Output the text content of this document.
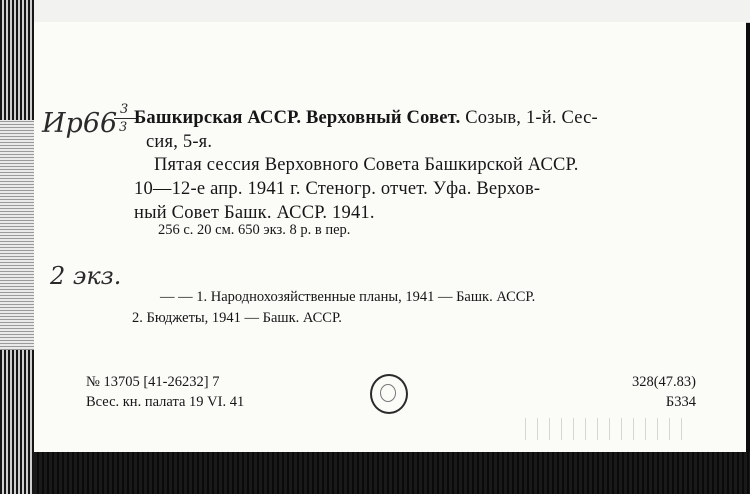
Ир66 3
3 Башкирская АССР. Верховный Совет. Созыв, 1-й. Сес-
сия, 5-я.
Пятая сессия Верховного Совета Башкирской АССР.
10—12-е апр. 1941 г. Стеногр. отчет. Уфа. Верхов-
ный Совет Башк. АССР. 1941.
256 с. 20 см. 650 экз. 8 р. в пер.
2 экз.
— — 1. Народнохозяйственные планы, 1941 — Башк. АССР.
2. Бюджеты, 1941 — Башк. АССР.
№ 13705 [41-26232] 7
Всес. кн. палата 19 VI. 41
328(47.83)
Б334
